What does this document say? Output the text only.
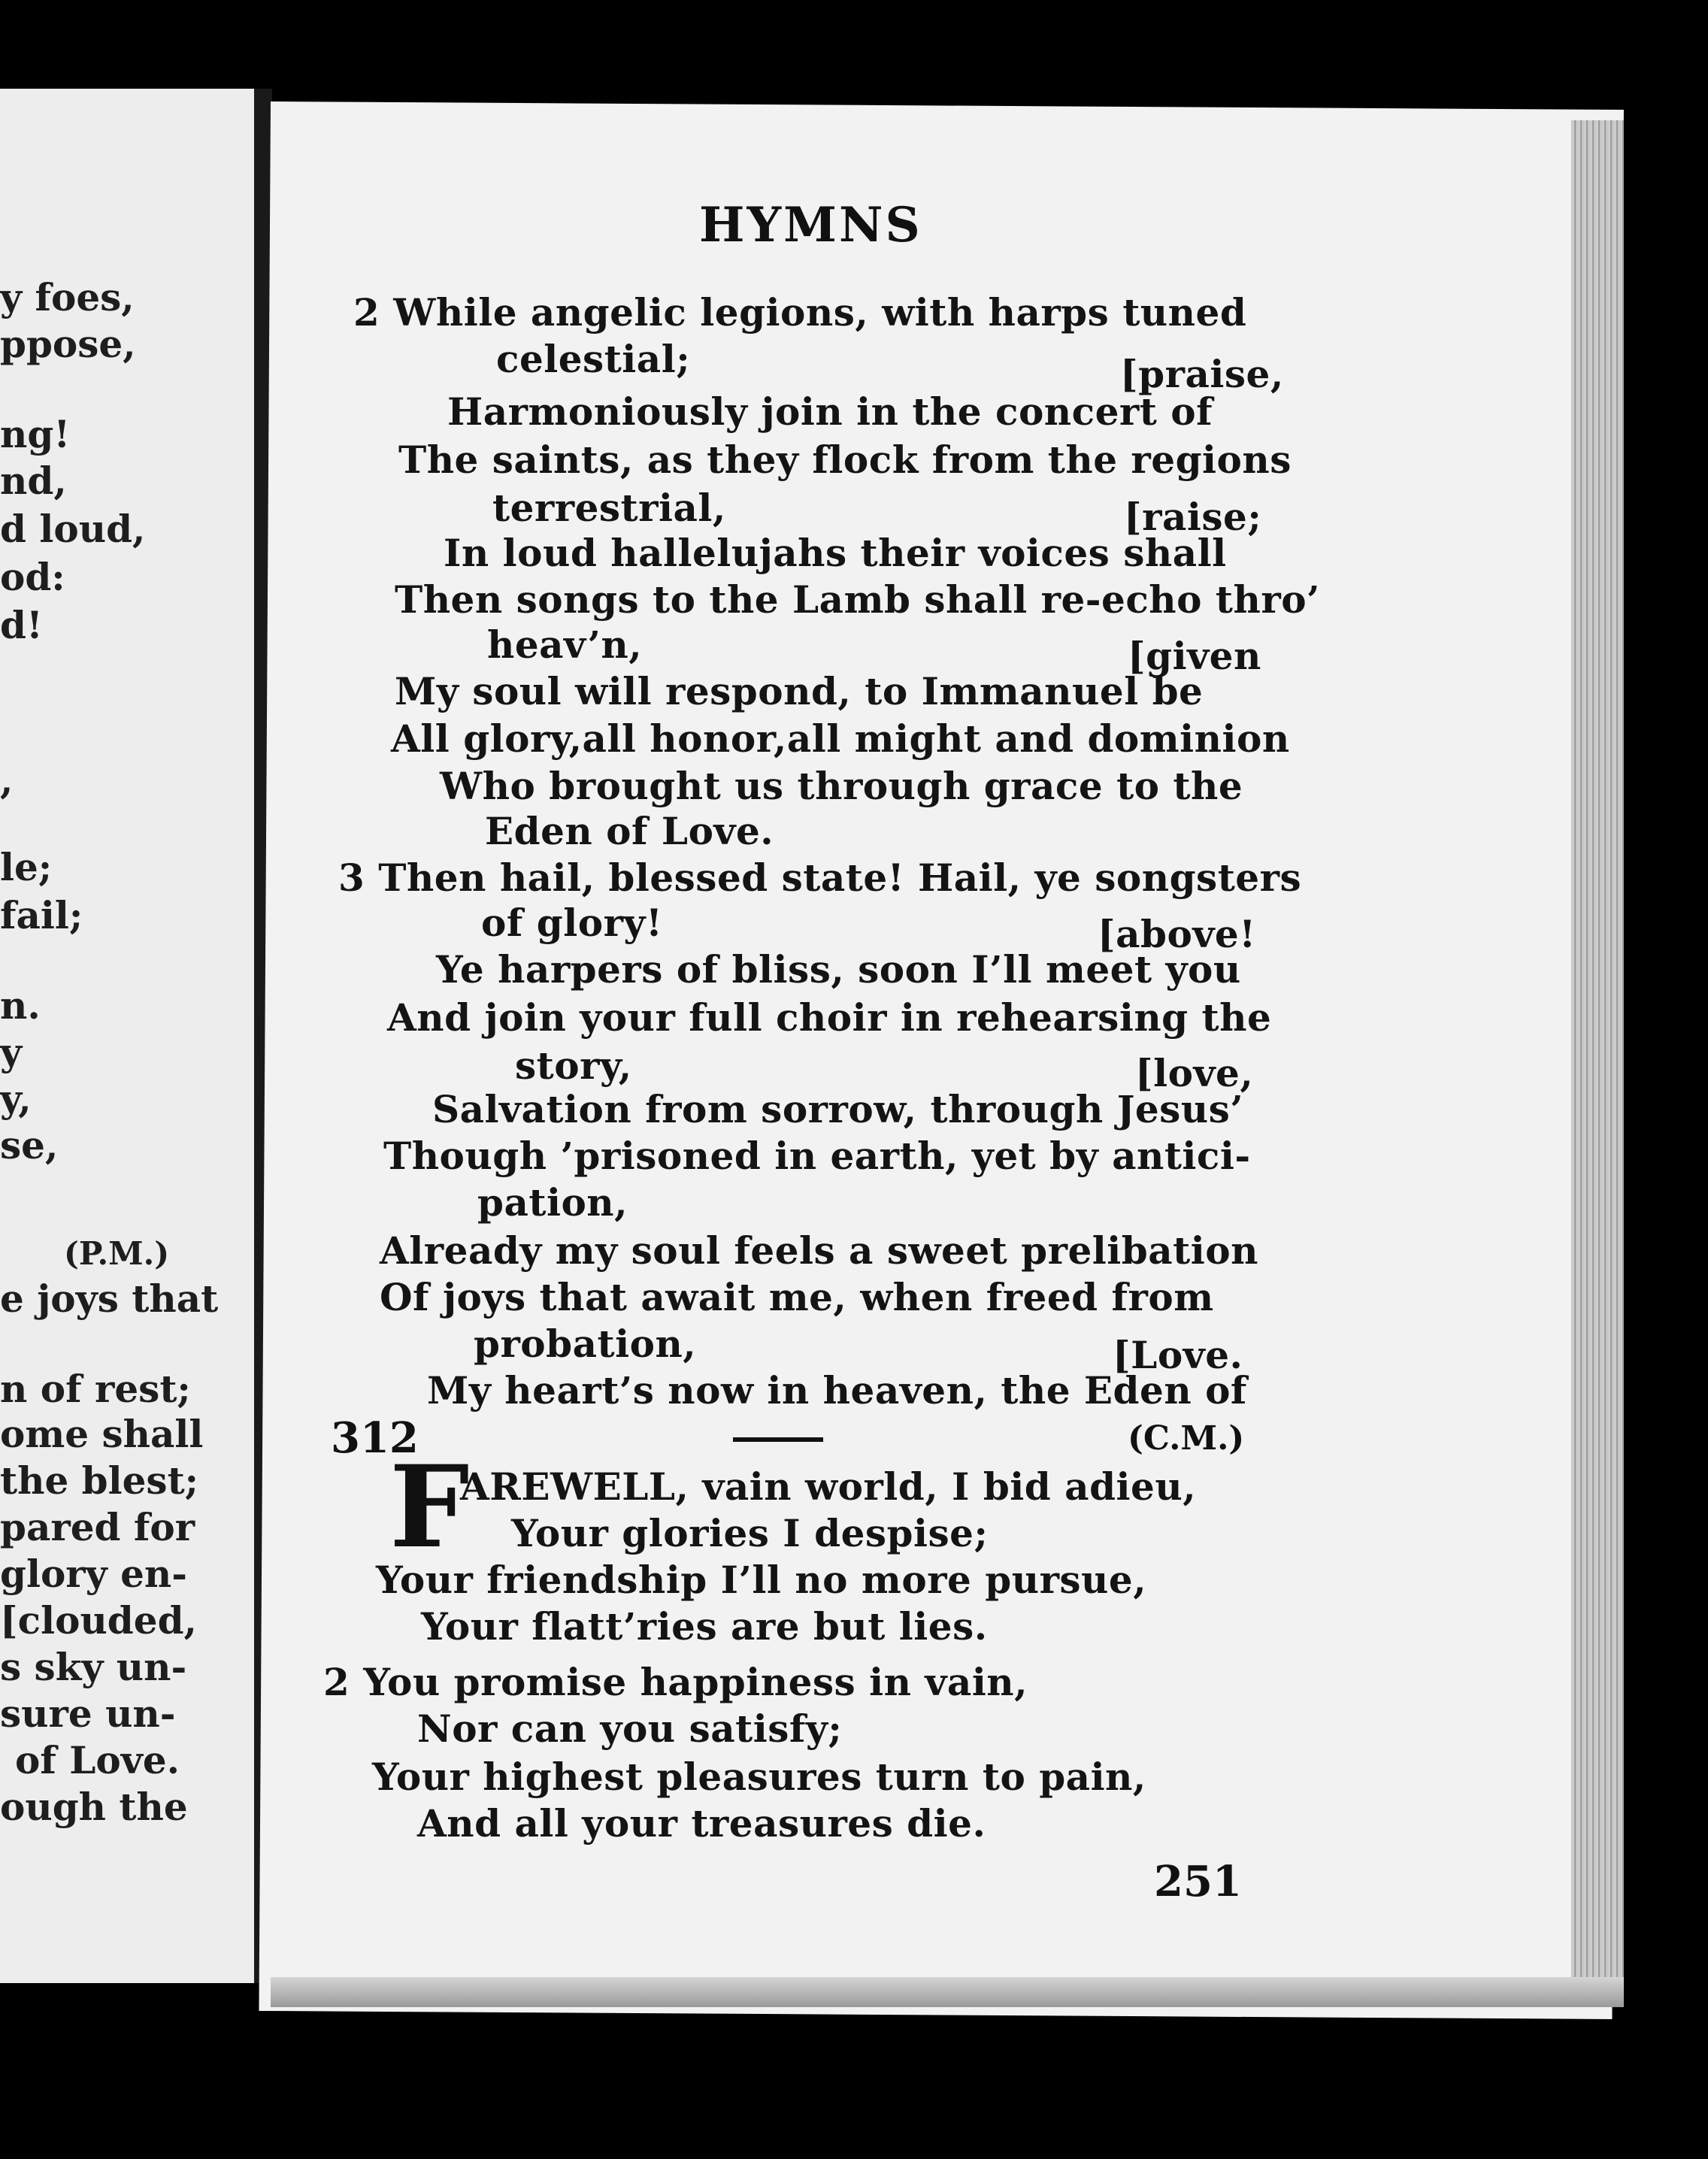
y foes,
ppose,
ng!
nd,
d loud,
od:
d!
,
le;
fail;
n.
y
y,
se,
(P.M.)
e joys that
n of rest;
ome shall
the blest;
pared for
glory en-
[clouded,
s sky un-
sure un-
of Love.
ough the
HYMNS
2 While angelic legions, with harps tuned
celestial;	[praise,
Harmoniously join in the concert of
The saints, as they flock from the regions
terrestrial,	[raise;
In loud hallelujahs their voices shall
Then songs to the Lamb shall re-echo thro’
heav’n,	[given
My soul will respond, to Immanuel be
All glory,all honor,all might and dominion
Who brought us through grace to the
Eden of Love.
3 Then hail, blessed state! Hail, ye songsters
of glory!	[above!
Ye harpers of bliss, soon I’ll meet you
And join your full choir in rehearsing the
story,	[love,
Salvation from sorrow, through Jesus’
Though ’prisoned in earth, yet by antici-
pation,
Already my soul feels a sweet prelibation
Of joys that await me, when freed from
probation,	[Love.
My heart’s now in heaven, the Eden of
312	(C.M.)
F
AREWELL, vain world, I bid adieu,
Your glories I despise;
Your friendship I’ll no more pursue,
Your flatt’ries are but lies.
2 You promise happiness in vain,
Nor can you satisfy;
Your highest pleasures turn to pain,
And all your treasures die.
251
